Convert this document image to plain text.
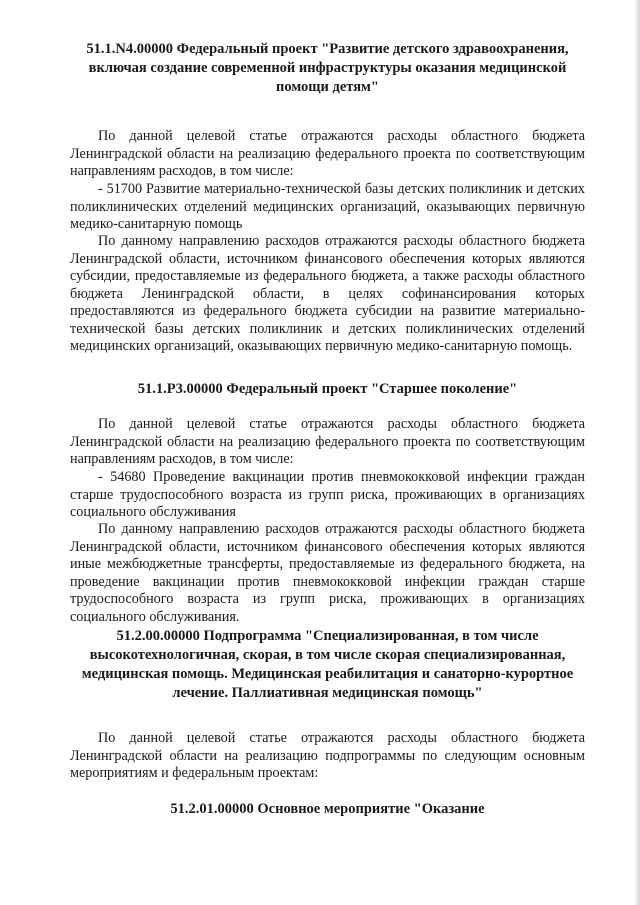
51.1.N4.00000 Федеральный проект "Развитие детского здравоохранения, включая создание современной инфраструктуры оказания медицинской помощи детям"

По данной целевой статье отражаются расходы областного бюджета Ленинградской области на реализацию федерального проекта по соответствующим направлениям расходов, в том числе:

- 51700 Развитие материально-технической базы детских поликлиник и детских поликлинических отделений медицинских организаций, оказывающих первичную медико-санитарную помощь

По данному направлению расходов отражаются расходы областного бюджета Ленинградской области, источником финансового обеспечения которых являются субсидии, предоставляемые из федерального бюджета, а также расходы областного бюджета Ленинградской области, в целях софинансирования которых предоставляются из федерального бюджета субсидии на развитие материально-технической базы детских поликлиник и детских поликлинических отделений медицинских организаций, оказывающих первичную медико-санитарную помощь.

51.1.P3.00000 Федеральный проект "Старшее поколение"

По данной целевой статье отражаются расходы областного бюджета Ленинградской области на реализацию федерального проекта по соответствующим направлениям расходов, в том числе:

- 54680 Проведение вакцинации против пневмококковой инфекции граждан старше трудоспособного возраста из групп риска, проживающих в организациях социального обслуживания

По данному направлению расходов отражаются расходы областного бюджета Ленинградской области, источником финансового обеспечения которых являются иные межбюджетные трансферты, предоставляемые из федерального бюджета, на проведение вакцинации против пневмококковой инфекции граждан старше трудоспособного возраста из групп риска, проживающих в организациях социального обслуживания.

51.2.00.00000 Подпрограмма "Специализированная, в том числе высокотехнологичная, скорая, в том числе скорая специализированная, медицинская помощь. Медицинская реабилитация и санаторно-курортное лечение. Паллиативная медицинская помощь"

По данной целевой статье отражаются расходы областного бюджета Ленинградской области на реализацию подпрограммы по следующим основным мероприятиям и федеральным проектам:

51.2.01.00000 Основное мероприятие "Оказание
